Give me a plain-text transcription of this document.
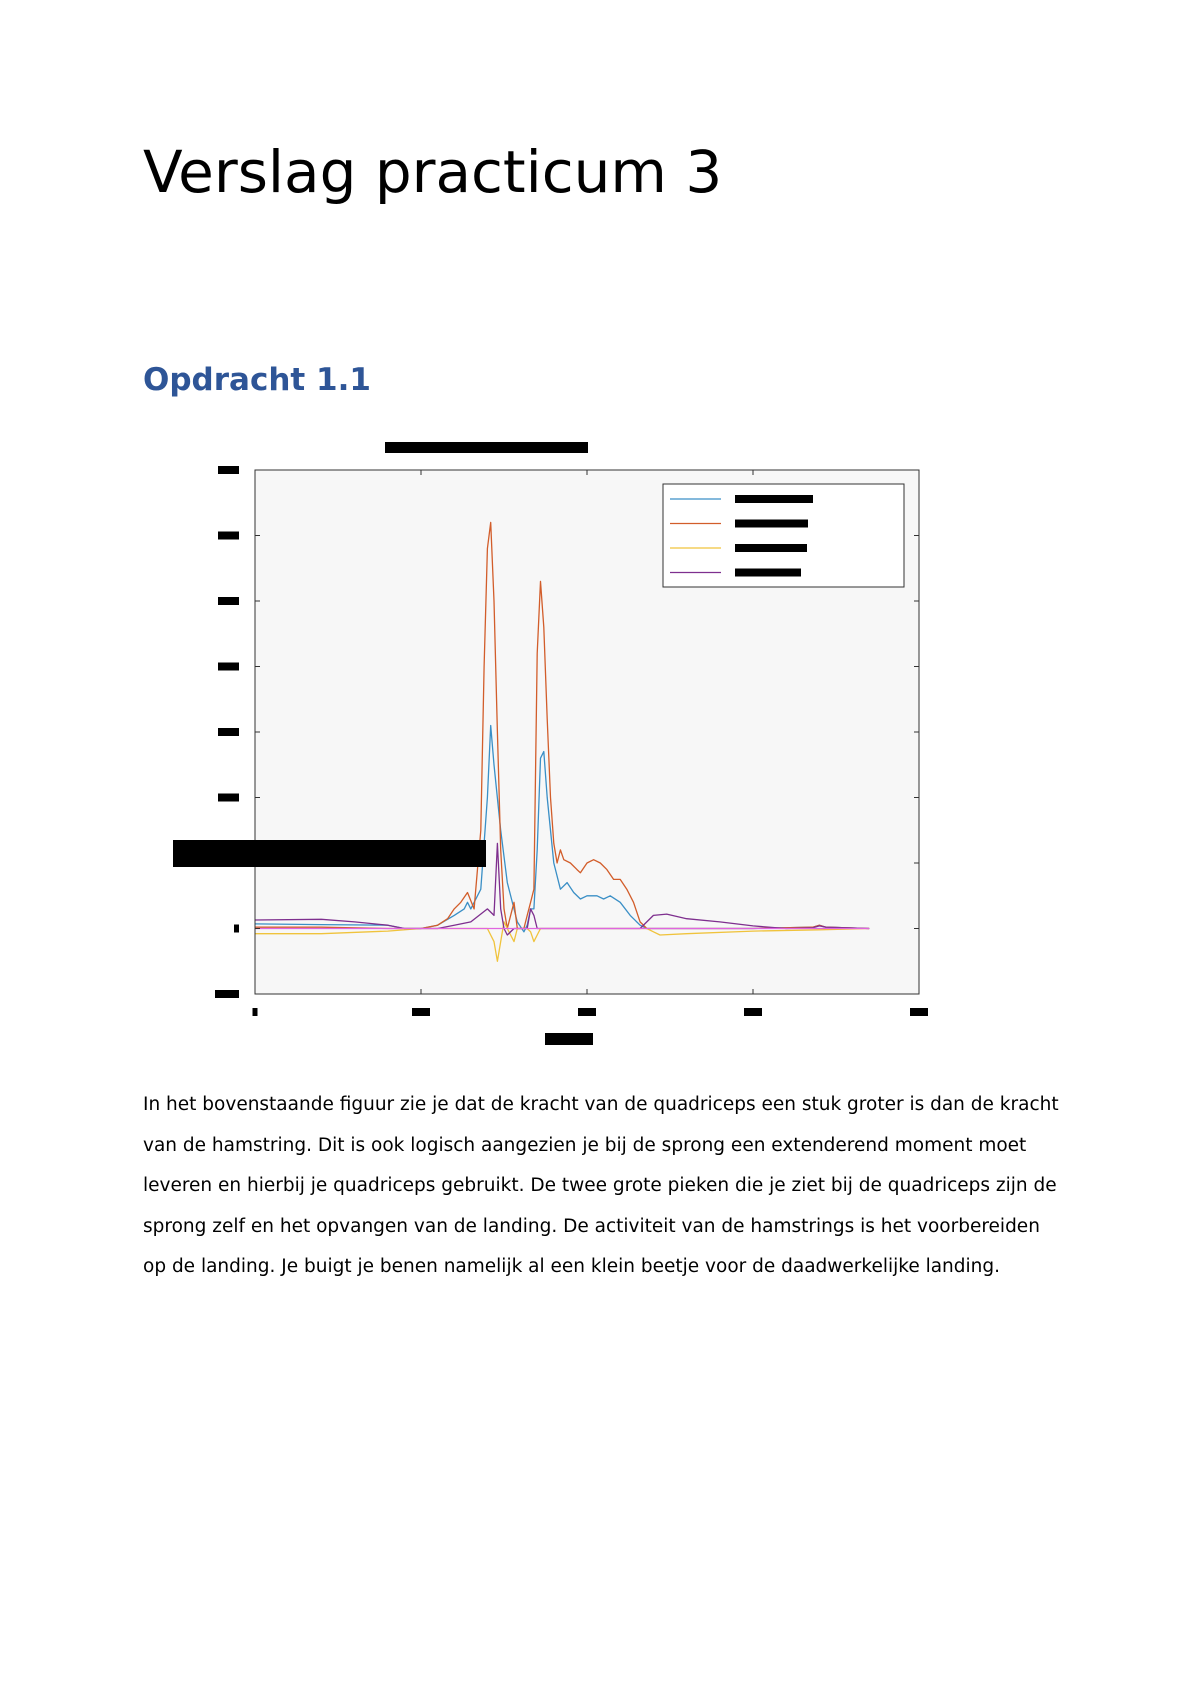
Verslag practicum 3
Opdracht 1.1

In het bovenstaande figuur zie je dat de kracht van de quadriceps een stuk groter is dan de kracht van de hamstring. Dit is ook logisch aangezien je bij de sprong een extenderend moment moet leveren en hierbij je quadriceps gebruikt. De twee grote pieken die je ziet bij de quadriceps zijn de sprong zelf en het opvangen van de landing. De activiteit van de hamstrings is het voorbereiden op de landing. Je buigt je benen namelijk al een klein beetje voor de daadwerkelijke landing.
